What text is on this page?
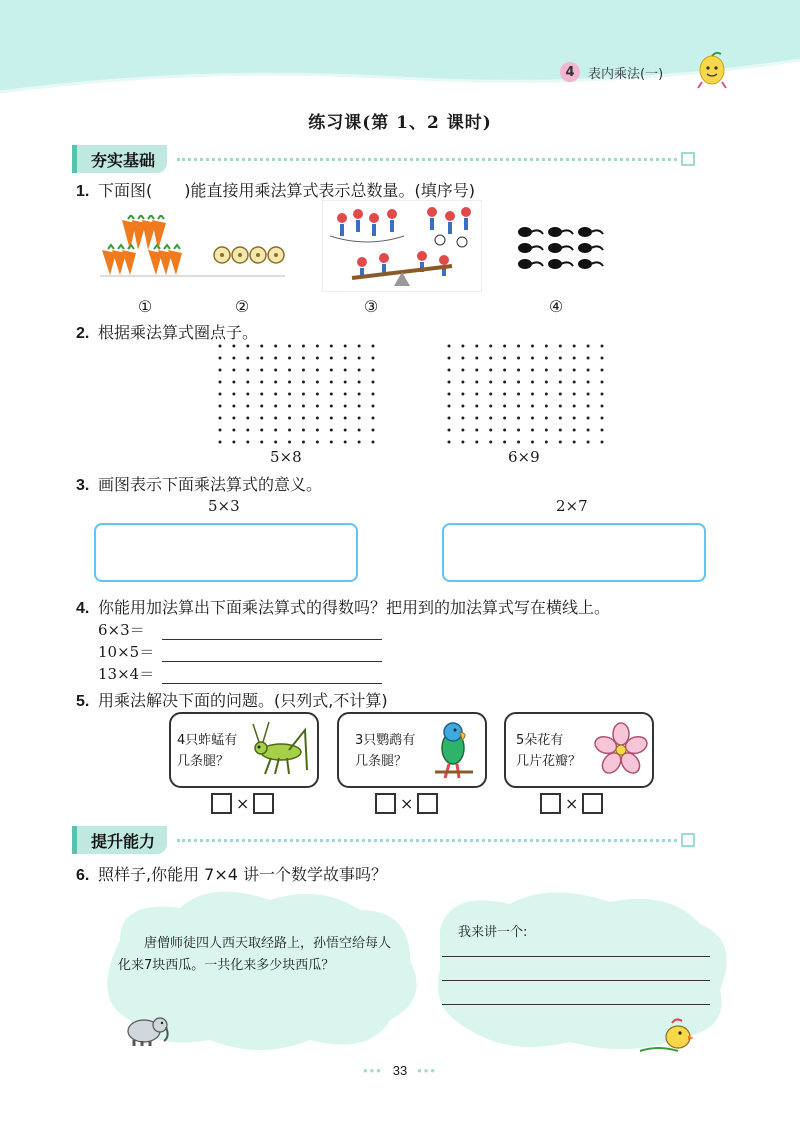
4	表内乘法(一)
练习课(第 1、2 课时)
夯实基础
1. 下面图(　　)能直接用乘法算式表示总数量。(填序号)
①	②	③	④
2. 根据乘法算式圈点子。
5×8	6×9
3. 画图表示下面乘法算式的意义。
5×3	2×7
4. 你能用加法算出下面乘法算式的得数吗？把用到的加法算式写在横线上。
6×3＝
10×5＝
13×4＝
5. 用乘法解决下面的问题。(只列式,不计算)
4只蚱蜢有
几条腿？
×
3只鹦鹉有
几条腿？
×
5朵花有
几片花瓣？
×
提升能力
6. 照样子,你能用 7×4 讲一个数学故事吗？
唐僧师徒四人西天取经路上，孙悟空给每人化来7块西瓜。一共化来多少块西瓜？
我来讲一个:
••• 33 •••
